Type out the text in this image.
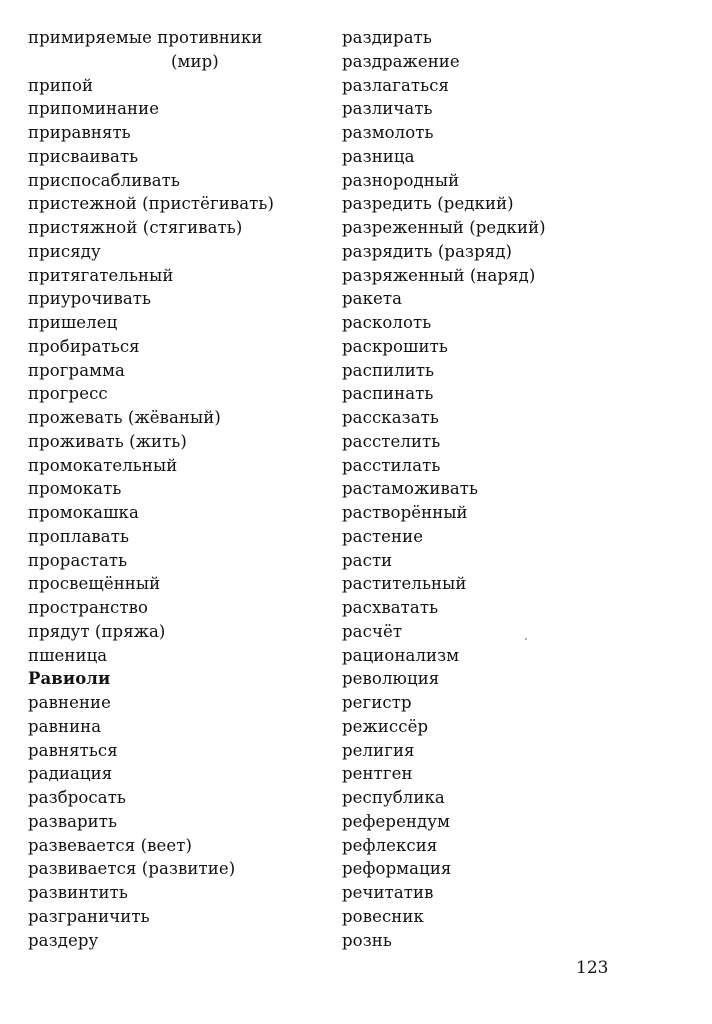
примиряемые противники
(мир)
припой
припоминание
приравнять
присваивать
приспосабливать
пристежной (пристёгивать)
пристяжной (стягивать)
присяду
притягательный
приурочивать
пришелец
пробираться
программа
прогресс
прожевать (жёваный)
проживать (жить)
промокательный
промокать
промокашка
проплавать
прорастать
просвещённый
пространство
прядут (пряжа)
пшеница
Равиоли
равнение
равнина
равняться
радиация
разбросать
разварить
развевается (веет)
развивается (развитие)
развинтить
разграничить
раздеру
раздирать
раздражение
разлагаться
различать
размолоть
разница
разнородный
разредить (редкий)
разреженный (редкий)
разрядить (разряд)
разряженный (наряд)
ракета
расколоть
раскрошить
распилить
распинать
рассказать
расстелить
расстилать
растаможивать
растворённый
растение
расти
растительный
расхватать
расчёт
рационализм
революция
регистр
режиссёр
религия
рентген
республика
референдум
рефлексия
реформация
речитатив
ровесник
рознь
123
